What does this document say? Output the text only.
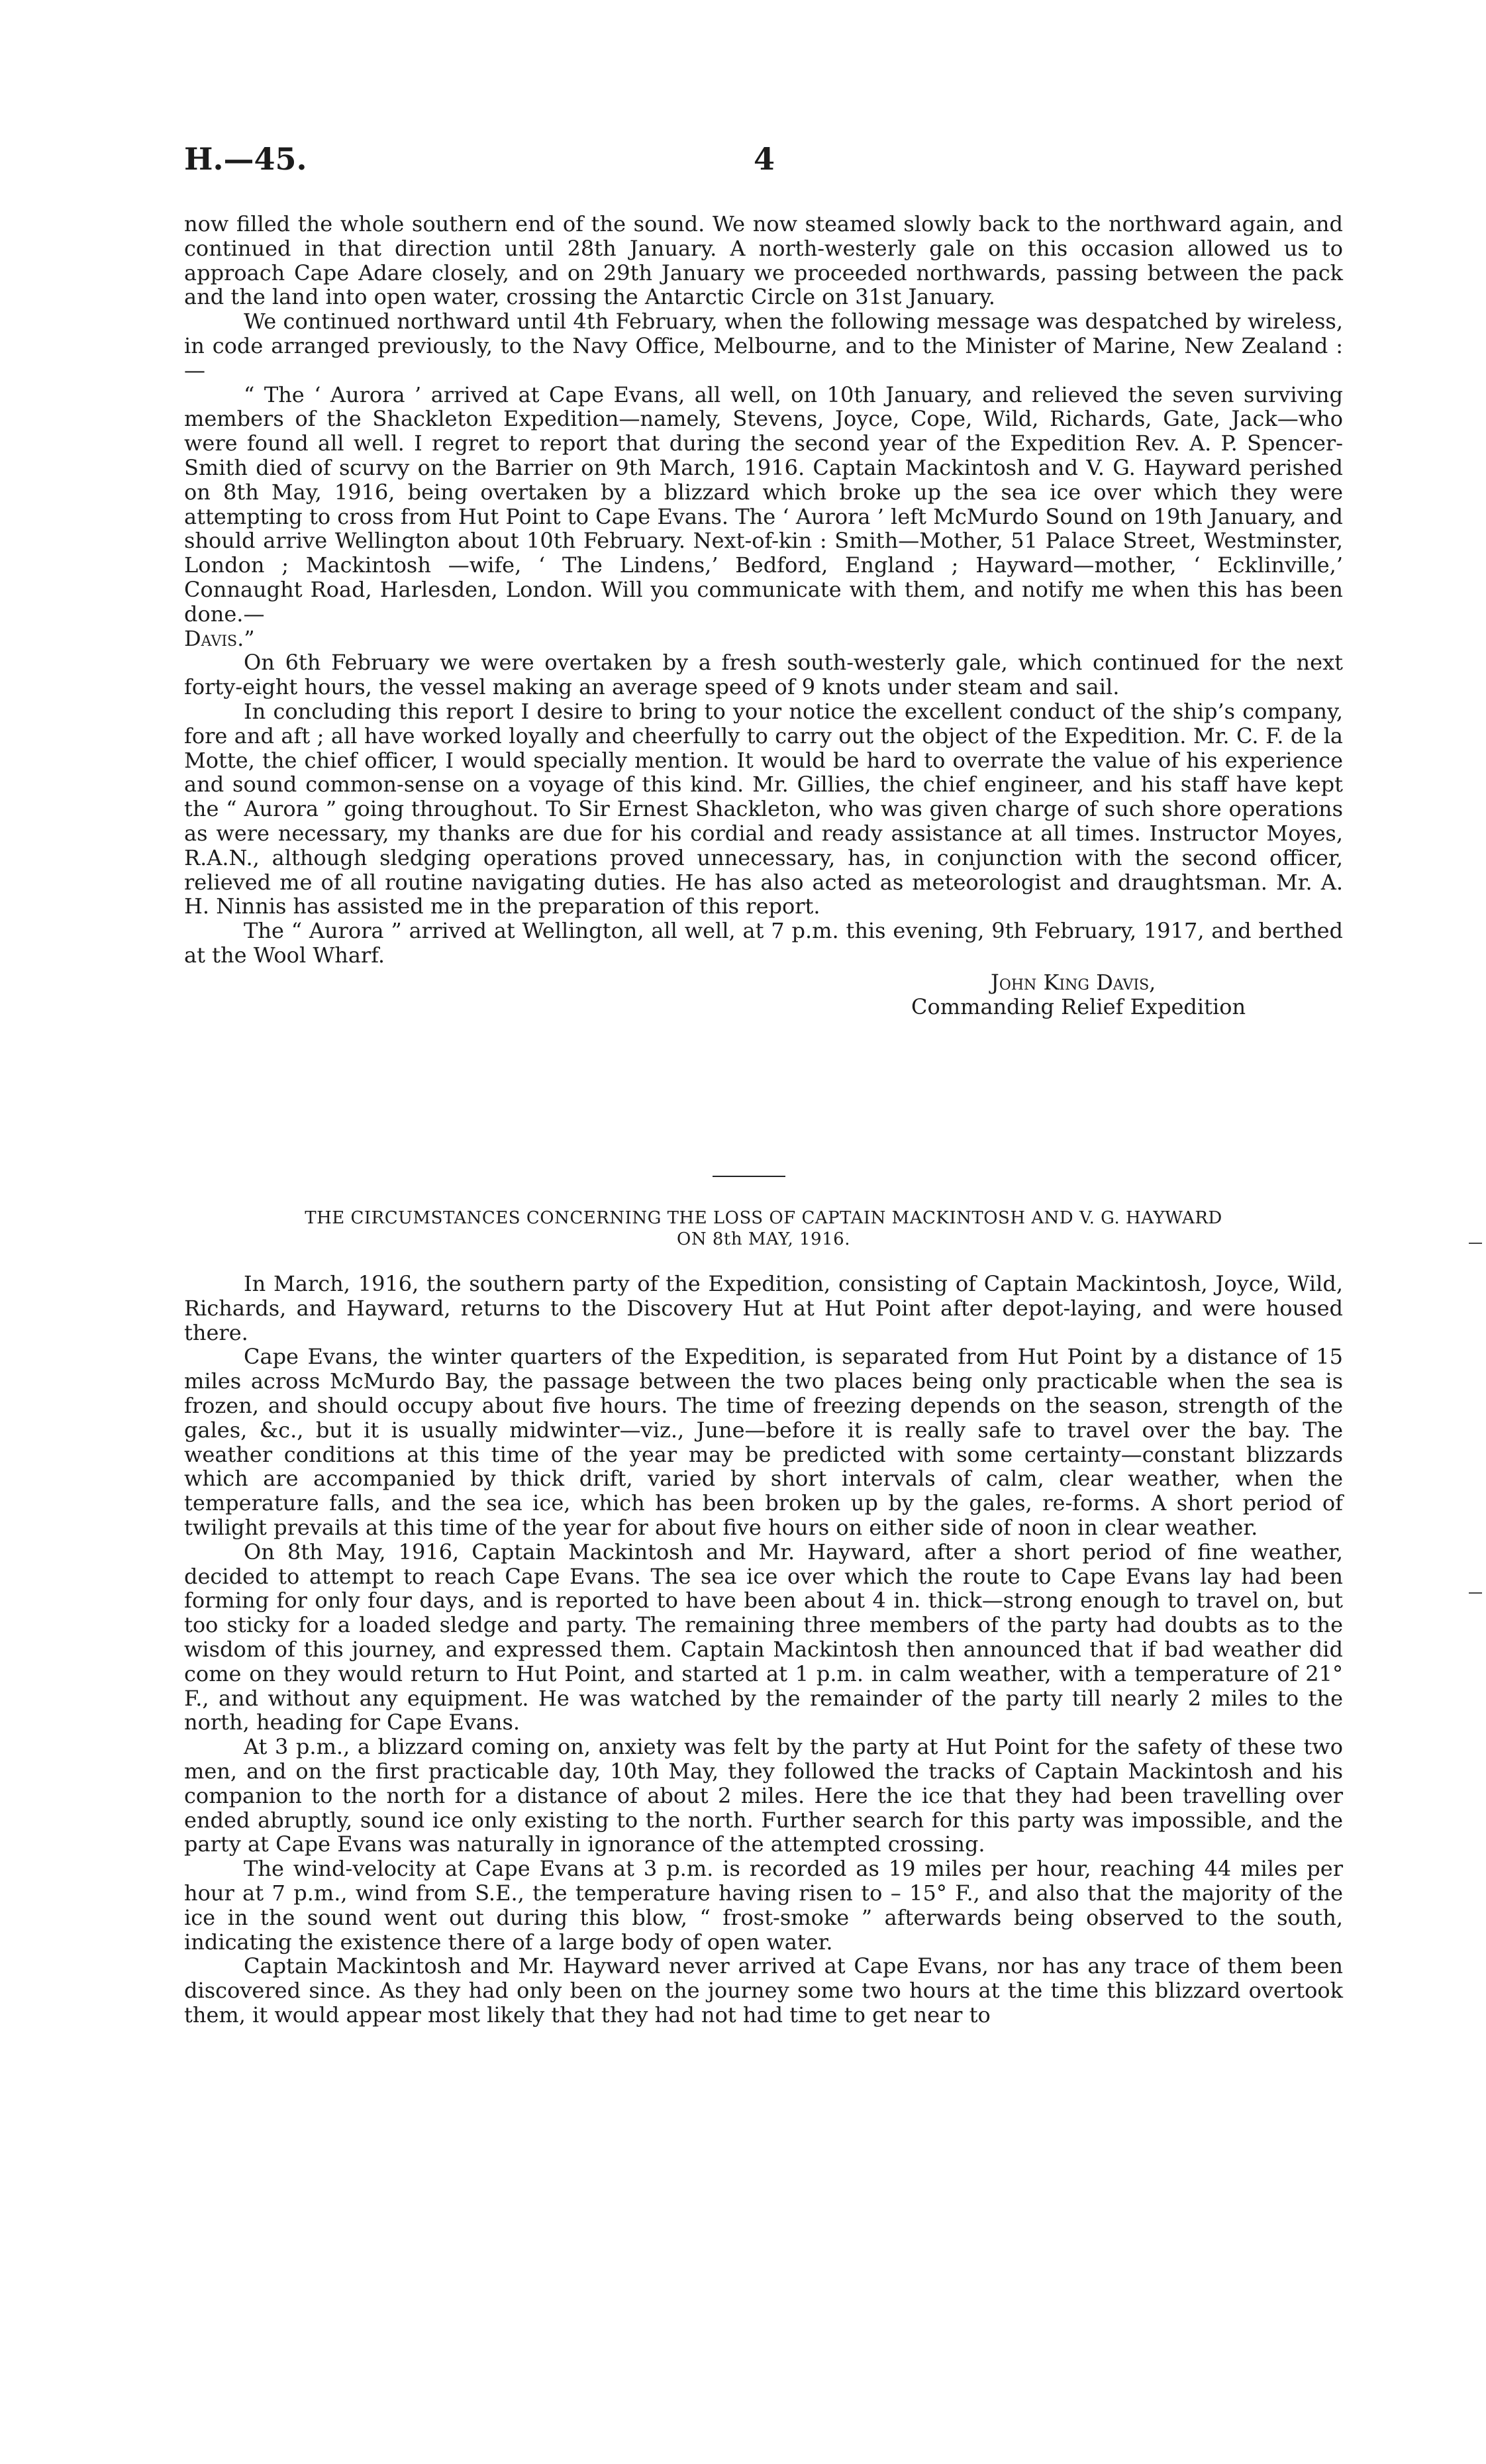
H.—45.	4

now filled the whole southern end of the sound. We now steamed slowly back to the northward again, and continued in that direction until 28th January. A north-westerly gale on this occasion allowed us to approach Cape Adare closely, and on 29th January we proceeded northwards, passing between the pack and the land into open water, crossing the Antarctic Circle on 31st January.

We continued northward until 4th February, when the following message was despatched by wireless, in code arranged previously, to the Navy Office, Melbourne, and to the Minister of Marine, New Zealand :—

“ The ‘ Aurora ’ arrived at Cape Evans, all well, on 10th January, and relieved the seven surviving members of the Shackleton Expedition—namely, Stevens, Joyce, Cope, Wild, Richards, Gate, Jack—who were found all well. I regret to report that during the second year of the Expedition Rev. A. P. Spencer-Smith died of scurvy on the Barrier on 9th March, 1916. Captain Mackintosh and V. G. Hayward perished on 8th May, 1916, being overtaken by a blizzard which broke up the sea ice over which they were attempting to cross from Hut Point to Cape Evans. The ‘ Aurora ’ left McMurdo Sound on 19th January, and should arrive Wellington about 10th February. Next-of-kin : Smith—Mother, 51 Palace Street, Westminster, London ; Mackintosh —wife, ‘ The Lindens,’ Bedford, England ; Hayward—mother, ‘ Ecklinville,’ Connaught Road, Harlesden, London. Will you communicate with them, and notify me when this has been done.—

Davis.”

On 6th February we were overtaken by a fresh south-westerly gale, which continued for the next forty-eight hours, the vessel making an average speed of 9 knots under steam and sail.

In concluding this report I desire to bring to your notice the excellent conduct of the ship’s company, fore and aft ; all have worked loyally and cheerfully to carry out the object of the Expedition. Mr. C. F. de la Motte, the chief officer, I would specially mention. It would be hard to overrate the value of his experience and sound common-sense on a voyage of this kind. Mr. Gillies, the chief engineer, and his staff have kept the “ Aurora ” going throughout. To Sir Ernest Shackleton, who was given charge of such shore operations as were necessary, my thanks are due for his cordial and ready assistance at all times. Instructor Moyes, R.A.N., although sledging operations proved unnecessary, has, in conjunction with the second officer, relieved me of all routine navigating duties. He has also acted as meteorologist and draughtsman. Mr. A. H. Ninnis has assisted me in the preparation of this report.

The “ Aurora ” arrived at Wellington, all well, at 7 p.m. this evening, 9th February, 1917, and berthed at the Wool Wharf.

John King Davis,
Commanding Relief Expedition
THE CIRCUMSTANCES CONCERNING THE LOSS OF CAPTAIN MACKINTOSH AND V. G. HAYWARD
ON 8th MAY, 1916.

In March, 1916, the southern party of the Expedition, consisting of Captain Mackintosh, Joyce, Wild, Richards, and Hayward, returns to the Discovery Hut at Hut Point after depot-laying, and were housed there.

Cape Evans, the winter quarters of the Expedition, is separated from Hut Point by a distance of 15 miles across McMurdo Bay, the passage between the two places being only practicable when the sea is frozen, and should occupy about five hours. The time of freezing depends on the season, strength of the gales, &c., but it is usually midwinter—viz., June—before it is really safe to travel over the bay. The weather conditions at this time of the year may be predicted with some certainty—constant blizzards which are accompanied by thick drift, varied by short intervals of calm, clear weather, when the temperature falls, and the sea ice, which has been broken up by the gales, re-forms. A short period of twilight prevails at this time of the year for about five hours on either side of noon in clear weather.

On 8th May, 1916, Captain Mackintosh and Mr. Hayward, after a short period of fine weather, decided to attempt to reach Cape Evans. The sea ice over which the route to Cape Evans lay had been forming for only four days, and is reported to have been about 4 in. thick—strong enough to travel on, but too sticky for a loaded sledge and party. The remaining three members of the party had doubts as to the wisdom of this journey, and expressed them. Captain Mackintosh then announced that if bad weather did come on they would return to Hut Point, and started at 1 p.m. in calm weather, with a temperature of 21° F., and without any equipment. He was watched by the remainder of the party till nearly 2 miles to the north, heading for Cape Evans.

At 3 p.m., a blizzard coming on, anxiety was felt by the party at Hut Point for the safety of these two men, and on the first practicable day, 10th May, they followed the tracks of Captain Mackintosh and his companion to the north for a distance of about 2 miles. Here the ice that they had been travelling over ended abruptly, sound ice only existing to the north. Further search for this party was impossible, and the party at Cape Evans was naturally in ignorance of the attempted crossing.

The wind-velocity at Cape Evans at 3 p.m. is recorded as 19 miles per hour, reaching 44 miles per hour at 7 p.m., wind from S.E., the temperature having risen to – 15° F., and also that the majority of the ice in the sound went out during this blow, “ frost-smoke ” afterwards being observed to the south, indicating the existence there of a large body of open water.

Captain Mackintosh and Mr. Hayward never arrived at Cape Evans, nor has any trace of them been discovered since. As they had only been on the journey some two hours at the time this blizzard overtook them, it would appear most likely that they had not had time to get near to
